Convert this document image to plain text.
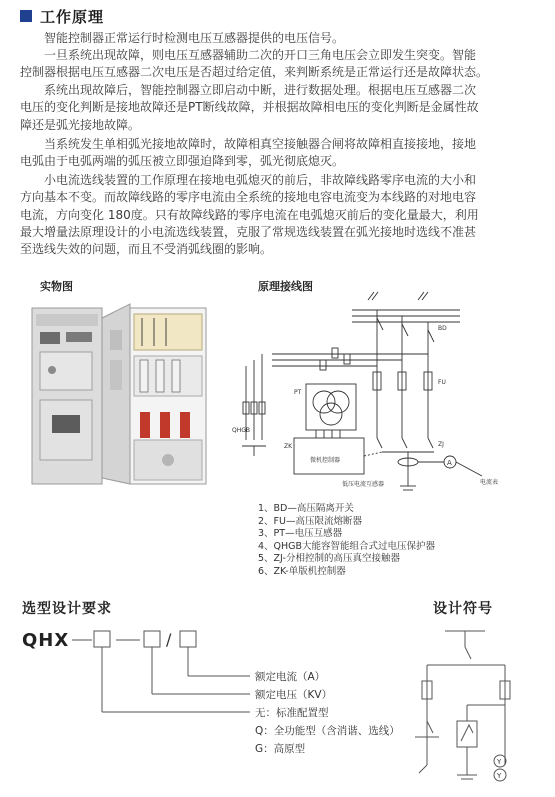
工作原理
智能控制器正常运行时检测电压互感器提供的电压信号。
一旦系统出现故障，则电压互感器辅助二次的开口三角电压会立即发生突变。智能
控制器根据电压互感器二次电压是否超过给定值，来判断系统是正常运行还是故障状态。
系统出现故障后，智能控制器立即启动中断，进行数据处理。根据电压互感器二次
电压的变化判断是接地故障还是PT断线故障，并根据故障相电压的变化判断是金属性故
障还是弧光接地故障。
当系统发生单相弧光接地故障时，故障相真空接触器合闸将故障相直接接地，接地
电弧由于电弧两端的弧压被立即强迫降到零，弧光彻底熄灭。
小电流选线装置的工作原理在接地电弧熄灭的前后，非故障线路零序电流的大小和
方向基本不变。而故障线路的零序电流由全系统的接地电容电流变为本线路的对地电容
电流，方向变化 180度。只有故障线路的零序电流在电弧熄灭前后的变化量最大，利用
最大增量法原理设计的小电流选线装置，克服了常规选线装置在弧光接地时选线不准甚
至选线失效的问题，而且不受消弧线圈的影响。
实物图	原理接线图
BD
FU
PT
QHGB
ZK
微机控制器
ZJ
低压电流互感器	电流表
A
1、BD—高压隔离开关
2、FU—高压限流熔断器
3、PT—电压互感器
4、QHGB大能容智能组合式过电压保护器
5、ZJ-分相控制的高压真空接触器
6、ZK-单版机控制器
选型设计要求	设计符号
QHX	/
额定电流（A）
额定电压（KV）
无：标准配置型
Q：全功能型（含消谐、选线）
G：高原型
Y
Y
